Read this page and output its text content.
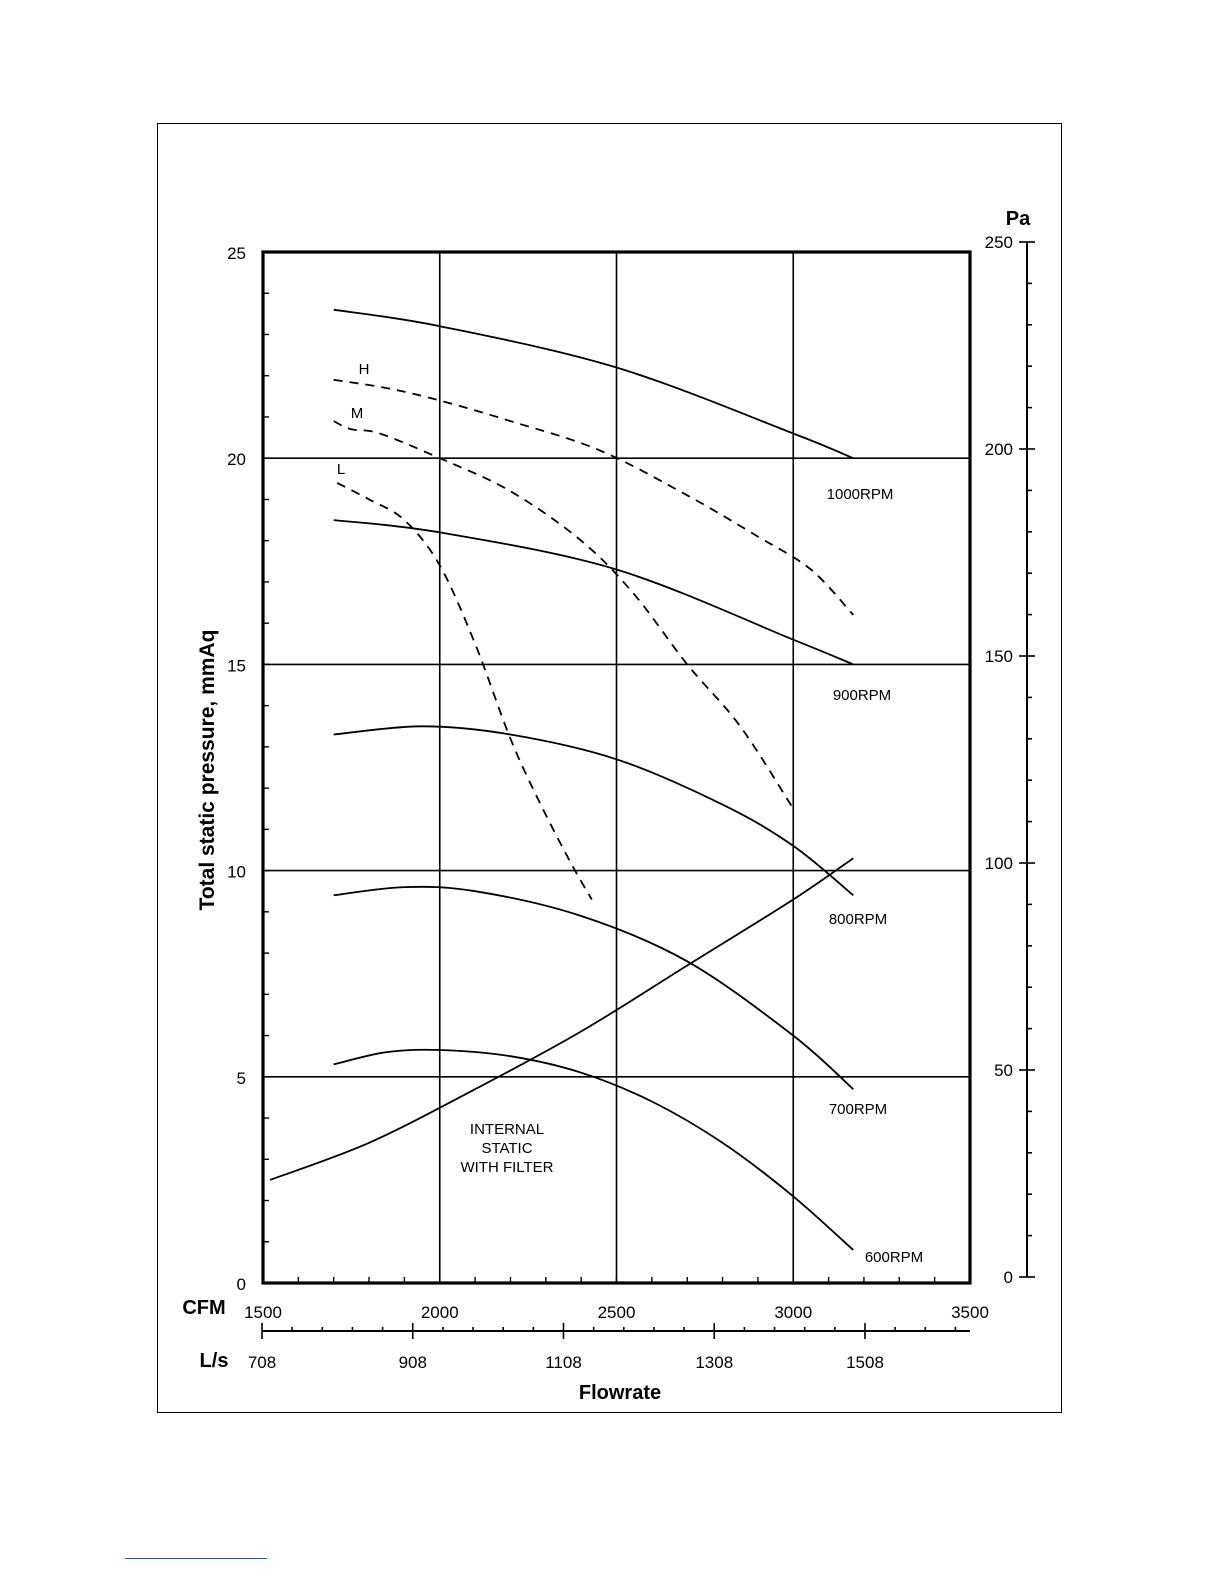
0
5
10
15
20
25
1500	2000	2500	3000	3500
0
50
100
150
200
250
Pa
708	908	1108	1308	1508
CFM
L/s
Flowrate
Total static pressure, mmAq
1000RPM
900RPM
800RPM
700RPM
600RPM
H
M
L
INTERNAL
STATIC
WITH FILTER
